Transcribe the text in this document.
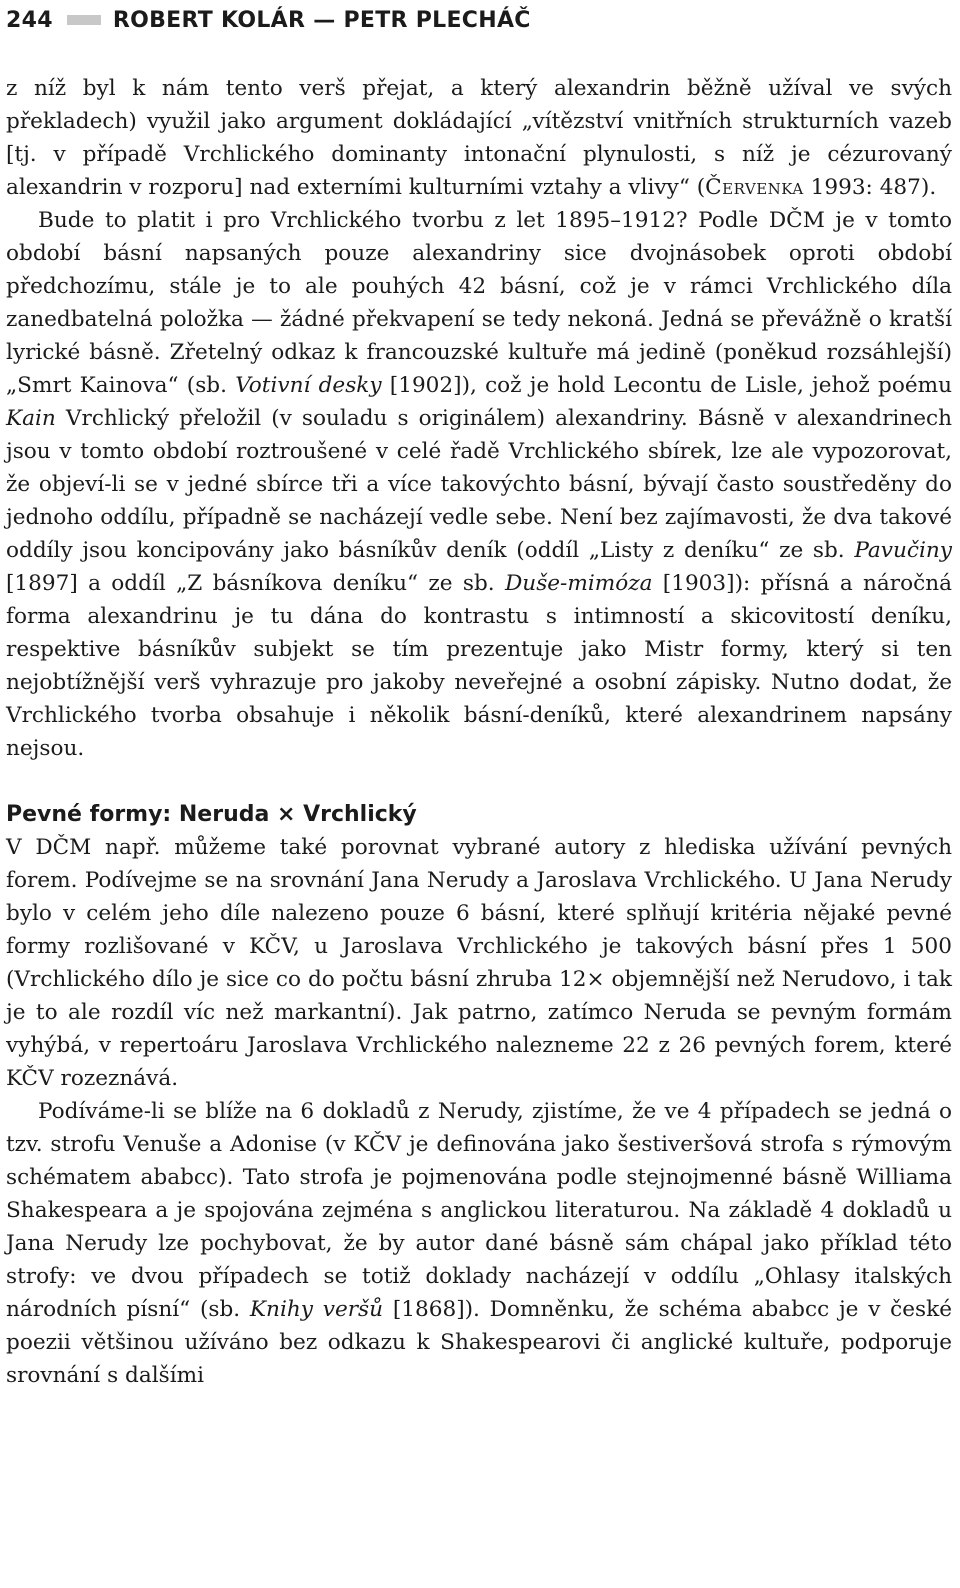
244	ROBERT KOLÁR — PETR PLECHÁČ

z níž byl k nám tento verš přejat, a který alexandrin běžně užíval ve svých překladech) využil jako argument dokládající „vítězství vnitřních strukturních vazeb [tj. v případě Vrchlického dominanty intonační plynulosti, s níž je cézurovaný alexandrin v rozporu] nad externími kulturními vztahy a vlivy“ (Červenka 1993: 487).

Bude to platit i pro Vrchlického tvorbu z let 1895–1912? Podle DČM je v tomto období básní napsaných pouze alexandriny sice dvojnásobek oproti období předchozímu, stále je to ale pouhých 42 básní, což je v rámci Vrchlického díla zanedbatelná položka — žádné překvapení se tedy nekoná. Jedná se převážně o kratší lyrické básně. Zřetelný odkaz k francouzské kultuře má jedině (poněkud rozsáhlejší) „Smrt Kainova“ (sb. Votivní desky [1902]), což je hold Lecontu de Lisle, jehož poému Kain Vrchlický přeložil (v souladu s originálem) alexandriny. Básně v alexandrinech jsou v tomto období roztroušené v celé řadě Vrchlického sbírek, lze ale vypozorovat, že objeví-li se v jedné sbírce tři a více takovýchto básní, bývají často soustředěny do jednoho oddílu, případně se nacházejí vedle sebe. Není bez zajímavosti, že dva takové oddíly jsou koncipovány jako básníkův deník (oddíl „Listy z deníku“ ze sb. Pavučiny [1897] a oddíl „Z básníkova deníku“ ze sb. Duše-mimóza [1903]): přísná a náročná forma alexandrinu je tu dána do kontrastu s intimností a skicovitostí deníku, respektive básníkův subjekt se tím prezentuje jako Mistr formy, který si ten nejobtížnější verš vyhrazuje pro jakoby neveřejné a osobní zápisky. Nutno dodat, že Vrchlického tvorba obsahuje i několik básní-deníků, které alexandrinem napsány nejsou.

Pevné formy: Neruda × Vrchlický

V DČM např. můžeme také porovnat vybrané autory z hlediska užívání pevných forem. Podívejme se na srovnání Jana Nerudy a Jaroslava Vrchlického. U Jana Nerudy bylo v celém jeho díle nalezeno pouze 6 básní, které splňují kritéria nějaké pevné formy rozlišované v KČV, u Jaroslava Vrchlického je takových básní přes 1 500 (Vrchlického dílo je sice co do počtu básní zhruba 12× objemnější než Nerudovo, i tak je to ale rozdíl víc než markantní). Jak patrno, zatímco Neruda se pevným formám vyhýbá, v repertoáru Jaroslava Vrchlického nalezneme 22 z 26 pevných forem, které KČV rozeznává.

Podíváme-li se blíže na 6 dokladů z Nerudy, zjistíme, že ve 4 případech se jedná o tzv. strofu Venuše a Adonise (v KČV je definována jako šestiveršová strofa s rýmovým schématem ababcc). Tato strofa je pojmenována podle stejnojmenné básně Williama Shakespeara a je spojována zejména s anglickou literaturou. Na základě 4 dokladů u Jana Nerudy lze pochybovat, že by autor dané básně sám chápal jako příklad této strofy: ve dvou případech se totiž doklady nacházejí v oddílu „Ohlasy italských národních písní“ (sb. Knihy veršů [1868]). Domněnku, že schéma ababcc je v české poezii většinou užíváno bez odkazu k Shakespearovi či anglické kultuře, podporuje srovnání s dalšími
